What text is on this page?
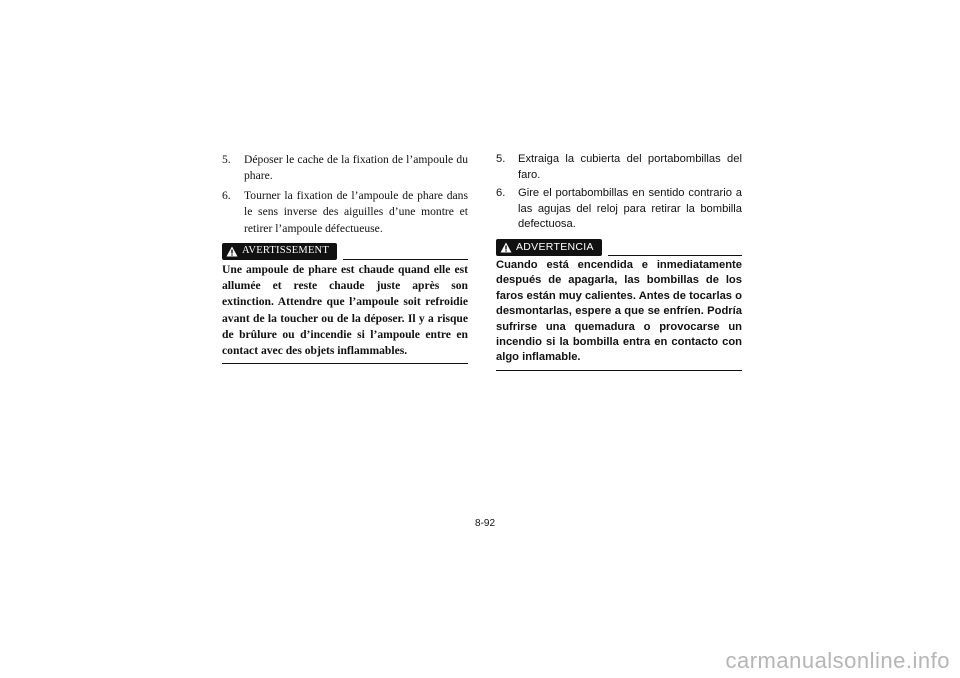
5.	Déposer le cache de la fixation de l’ampoule du phare.
6.	Tourner la fixation de l’ampoule de phare dans le sens inverse des aiguilles d’une montre et retirer l’ampoule défectueuse.
AVERTISSEMENT
Une ampoule de phare est chaude quand elle est allumée et reste chaude juste après son extinction. Attendre que l’ampoule soit refroidie avant de la toucher ou de la déposer. Il y a risque de brûlure ou d’incendie si l’ampoule entre en contact avec des objets inflammables.
5.	Extraiga la cubierta del portabombillas del faro.
6.	Gire el portabombillas en sentido contrario a las agujas del reloj para retirar la bombilla defectuosa.
ADVERTENCIA
Cuando está encendida e inmediatamente después de apagarla, las bombillas de los faros están muy calientes. Antes de tocarlas o desmontarlas, espere a que se enfríen. Podría sufrirse una quemadura o provocarse un incendio si la bombilla entra en contacto con algo inflamable.
8-92
carmanualsonline.info
